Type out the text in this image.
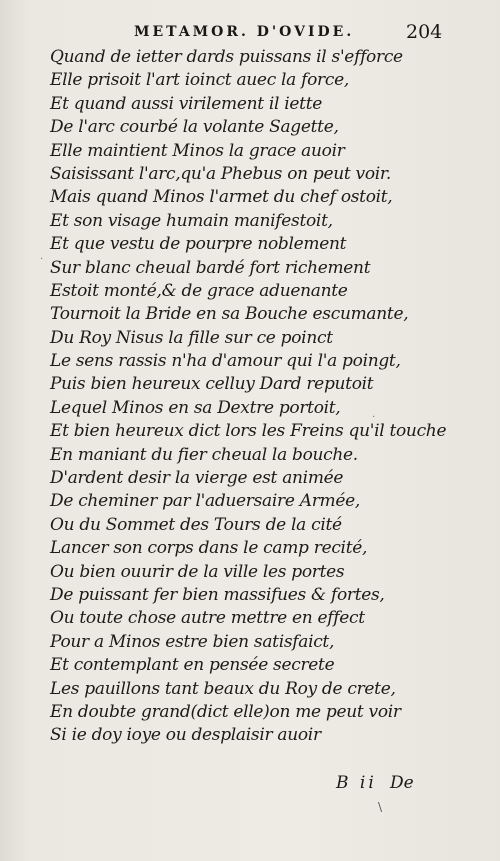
METAMOR. D'OVIDE.	204
Quand de ietter dards puissans il s'efforce
Elle prisoit l'art ioinct auec la force,
Et quand aussi virilement il iette
De l'arc courbé la volante Sagette,
Elle maintient Minos la grace auoir
Saisissant l'arc,qu'a Phebus on peut voir.
Mais quand Minos l'armet du chef ostoit,
Et son visage humain manifestoit,
Et que vestu de pourpre noblement
Sur blanc cheual bardé fort richement
Estoit monté,& de grace aduenante
Tournoit la Bride en sa Bouche escumante,
Du Roy Nisus la fille sur ce poinct
Le sens rassis n'ha d'amour qui l'a poingt,
Puis bien heureux celluy Dard reputoit
Lequel Minos en sa Dextre portoit,
Et bien heureux dict lors les Freins qu'il touche
En maniant du fier cheual la bouche.
D'ardent desir la vierge est animée
De cheminer par l'aduersaire Armée,
Ou du Sommet des Tours de la cité
Lancer son corps dans le camp recité,
Ou bien ouurir de la ville les portes
De puissant fer bien massifues & fortes,
Ou toute chose autre mettre en effect
Pour a Minos estre bien satisfaict,
Et contemplant en pensée secrete
Les pauillons tant beaux du Roy de crete,
En doubte grand(dict elle)on me peut voir
Si ie doy ioye ou desplaisir auoir
·
·
B ii De
\
